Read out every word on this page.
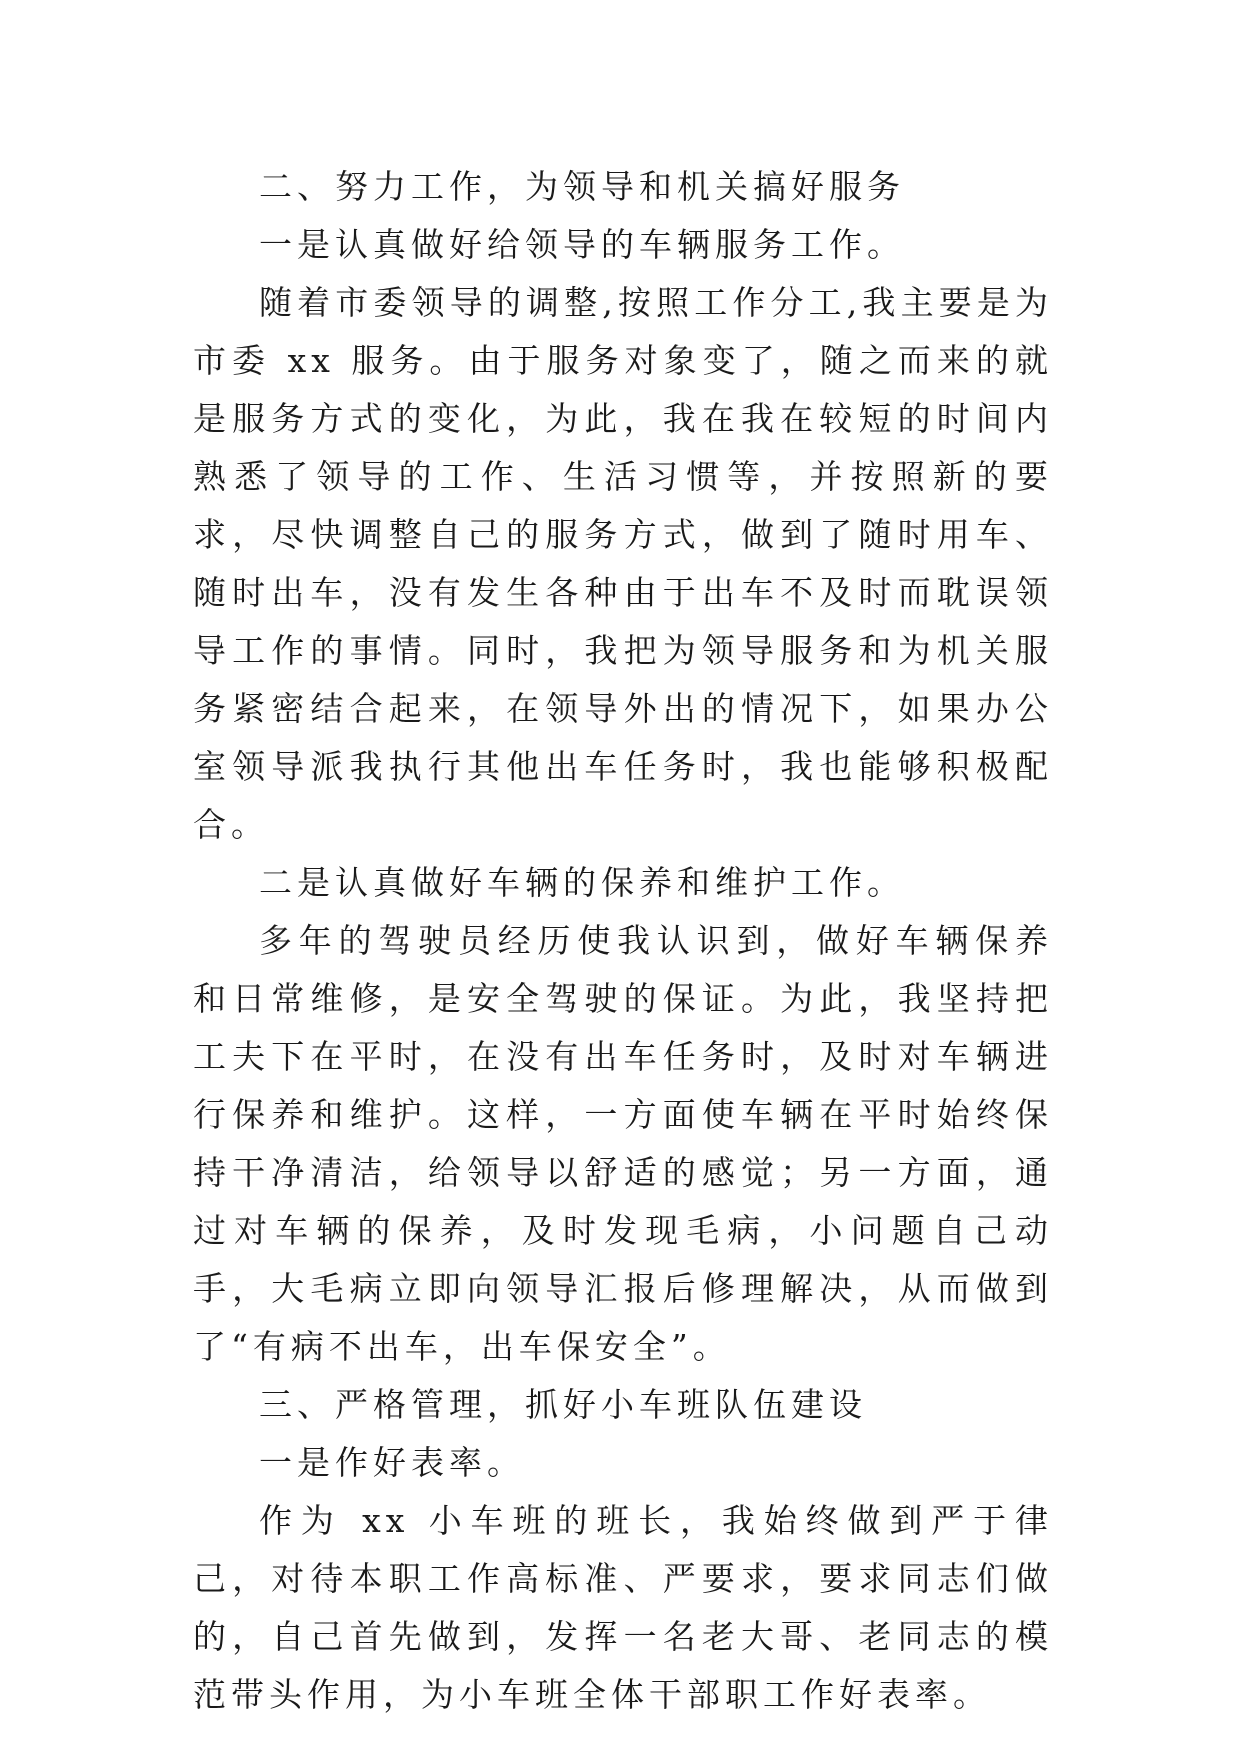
二、努力工作，为领导和机关搞好服务

一是认真做好给领导的车辆服务工作。

随着市委领导的调整,按照工作分工,我主要是为市委 xx 服务。由于服务对象变了，随之而来的就是服务方式的变化，为此，我在我在较短的时间内熟悉了领导的工作、生活习惯等，并按照新的要求，尽快调整自己的服务方式，做到了随时用车、随时出车，没有发生各种由于出车不及时而耽误领导工作的事情。同时，我把为领导服务和为机关服务紧密结合起来，在领导外出的情况下，如果办公室领导派我执行其他出车任务时，我也能够积极配合。

二是认真做好车辆的保养和维护工作。

多年的驾驶员经历使我认识到，做好车辆保养和日常维修，是安全驾驶的保证。为此，我坚持把工夫下在平时，在没有出车任务时，及时对车辆进行保养和维护。这样，一方面使车辆在平时始终保持干净清洁，给领导以舒适的感觉；另一方面，通过对车辆的保养，及时发现毛病，小问题自己动手，大毛病立即向领导汇报后修理解决，从而做到了“有病不出车，出车保安全”。

三、严格管理，抓好小车班队伍建设

一是作好表率。

作为 xx 小车班的班长，我始终做到严于律己，对待本职工作高标准、严要求，要求同志们做的，自己首先做到，发挥一名老大哥、老同志的模范带头作用，为小车班全体干部职工作好表率。
